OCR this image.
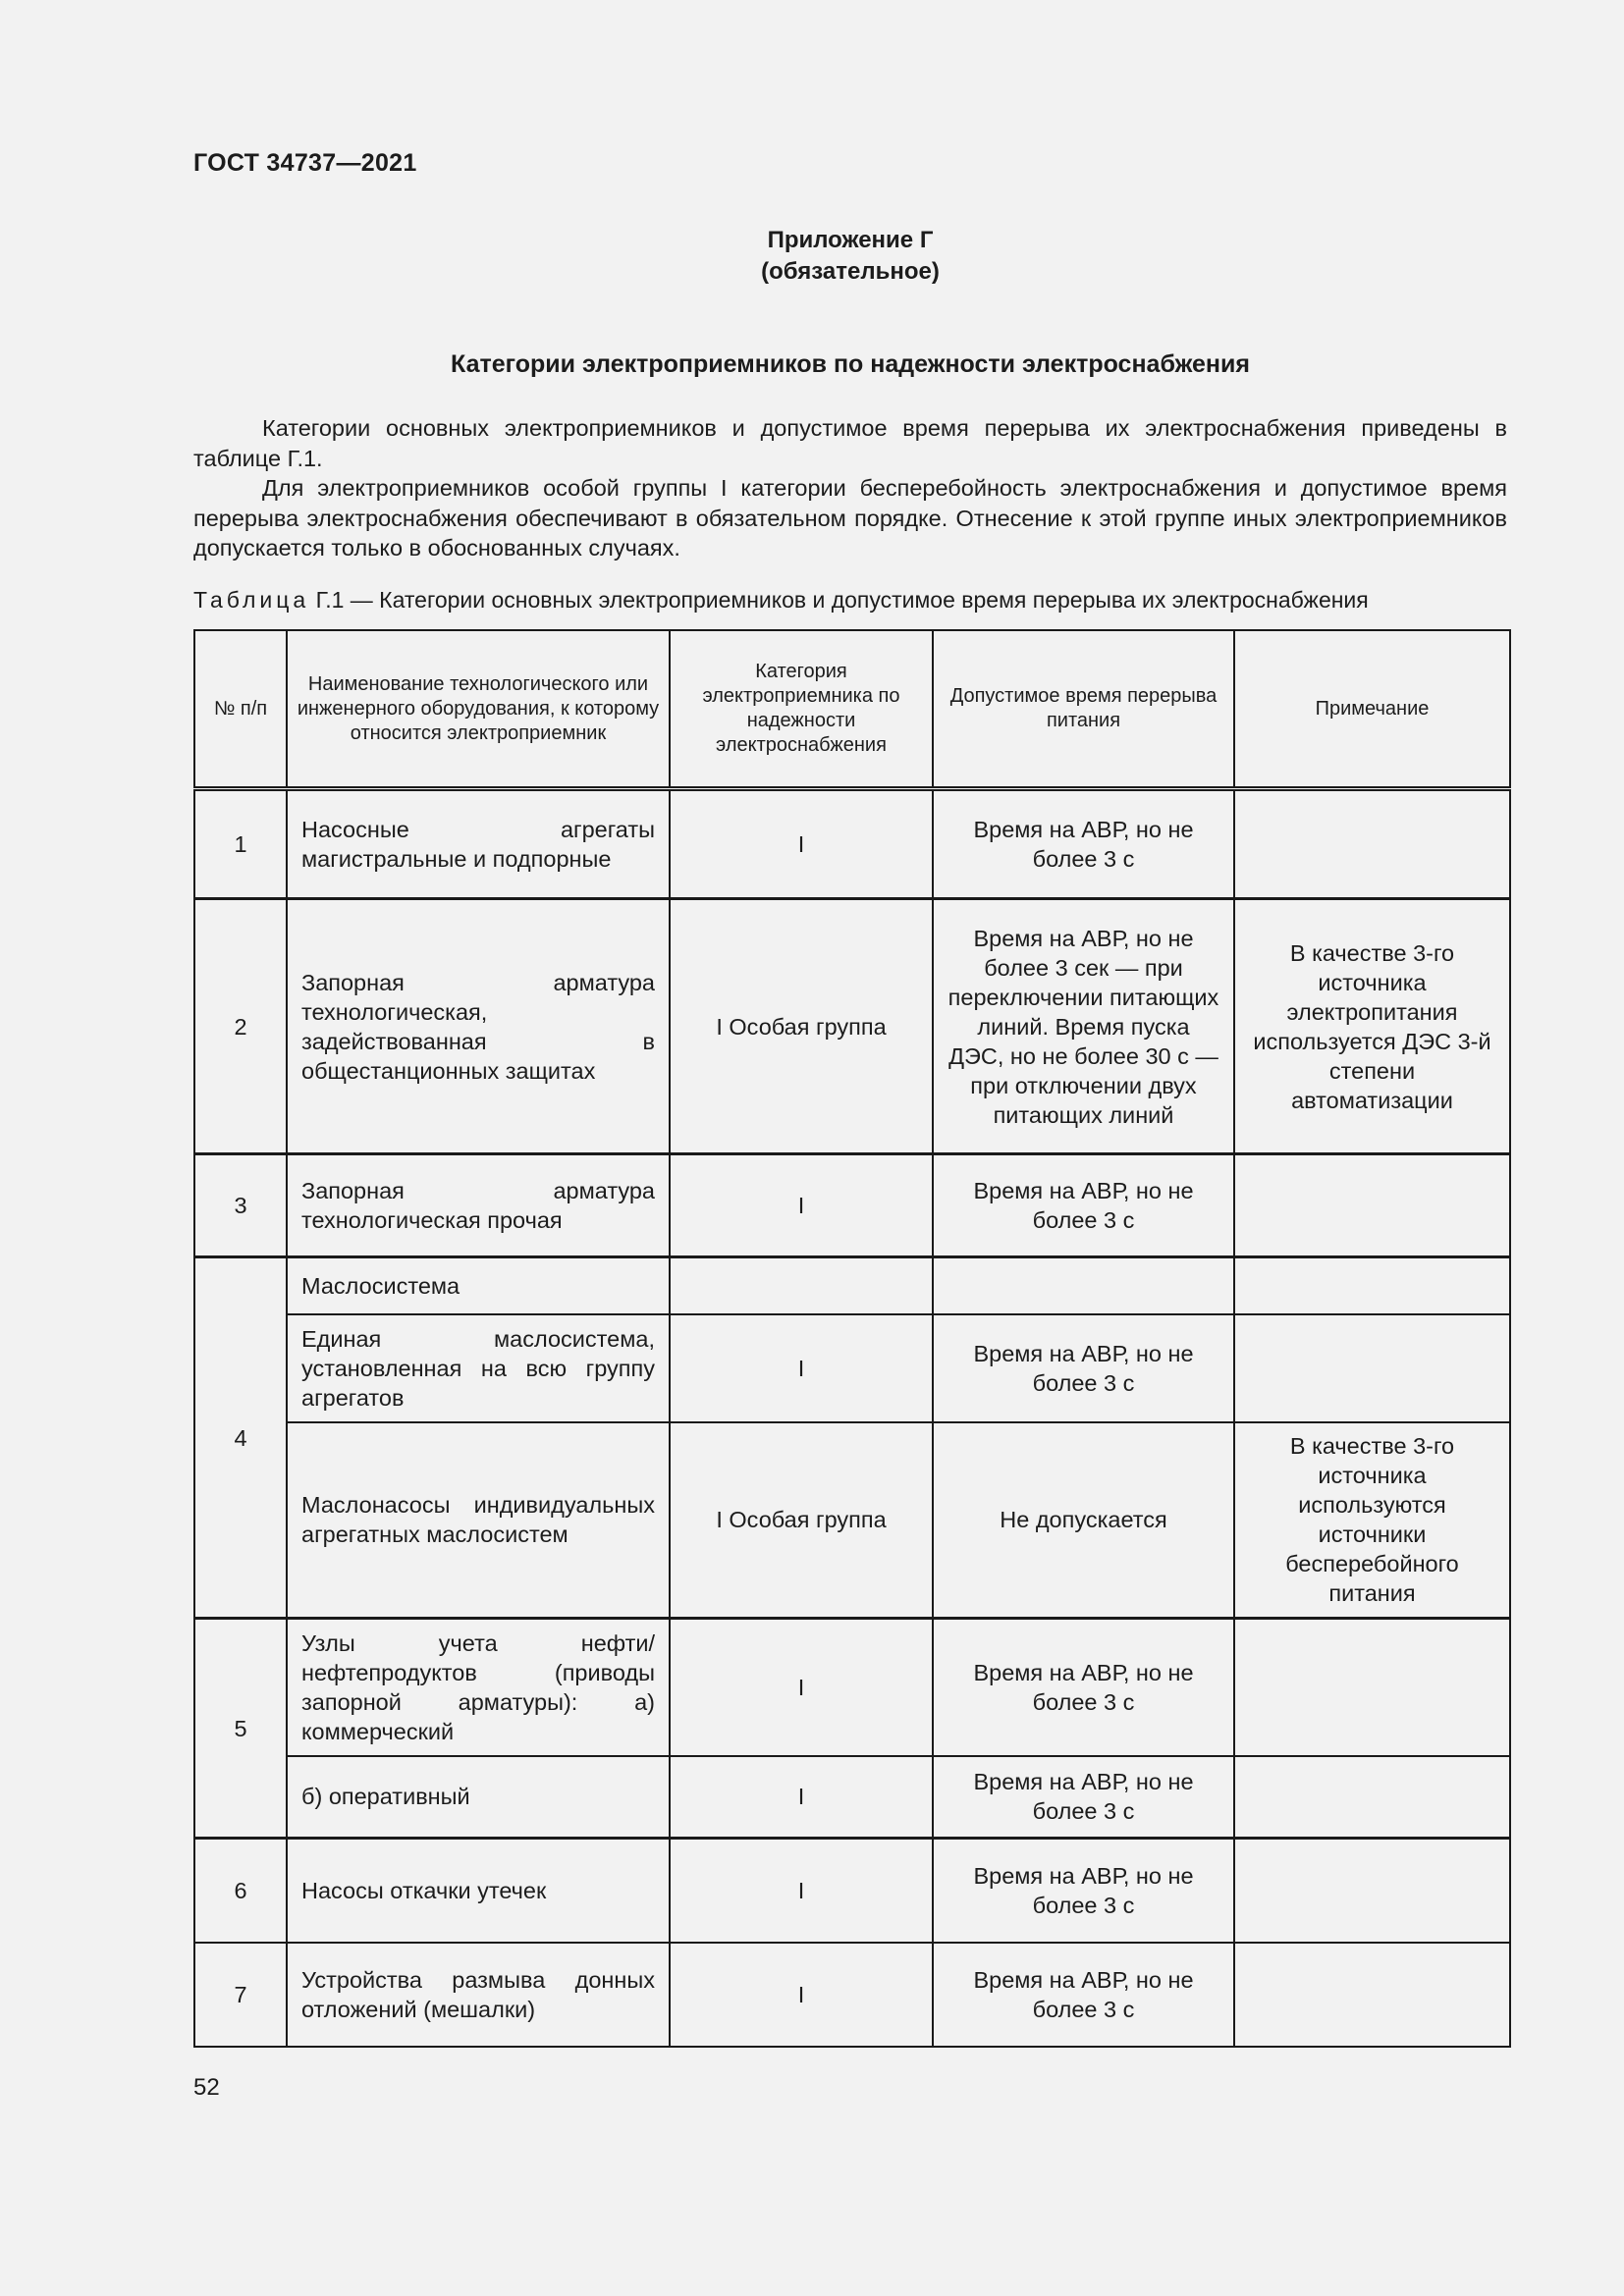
ГОСТ 34737—2021
Приложение Г
(обязательное)
Категории электроприемников по надежности электроснабжения

Категории основных электроприемников и допустимое время перерыва их электроснабжения приведены в таблице Г.1.

Для электроприемников особой группы I категории бесперебойность электроснабжения и допустимое время перерыва электроснабжения обеспечивают в обязательном порядке. Отнесение к этой группе иных электроприемников допускается только в обоснованных случаях.

Таблица Г.1 — Категории основных электроприемников и допустимое время перерыва их электроснабжения
№ п/п	Наименование технологического или инженерного оборудования, к которому относится электроприемник	Категория электроприемника по надежности электроснабжения	Допустимое время перерыва питания	Примечание
1	Насосные агрегаты магистральные и подпорные	I	Время на АВР, но не более 3 с	
2	Запорная арматура технологическая, задействованная в общестанционных защитах	I Особая группа	Время на АВР, но не более 3 сек — при переключении питающих линий. Время пуска ДЭС, но не более 30 с — при отключении двух питающих линий	В качестве 3-го источника электропитания используется ДЭС 3-й степени автоматизации
3	Запорная арматура технологическая прочая	I	Время на АВР, но не более 3 с	
4	Маслосистема			
	Единая маслосистема, установленная на всю группу агрегатов	I	Время на АВР, но не более 3 с	
	Маслонасосы индивидуальных агрегатных маслосистем	I Особая группа	Не допускается	В качестве 3-го источника используются источники бесперебойного питания
5	Узлы учета нефти/нефтепродуктов (приводы запорной арматуры): а) коммерческий	I	Время на АВР, но не более 3 с	
	б) оперативный	I	Время на АВР, но не более 3 с	
6	Насосы откачки утечек	I	Время на АВР, но не более 3 с	
7	Устройства размыва донных отложений (мешалки)	I	Время на АВР, но не более 3 с	
52
